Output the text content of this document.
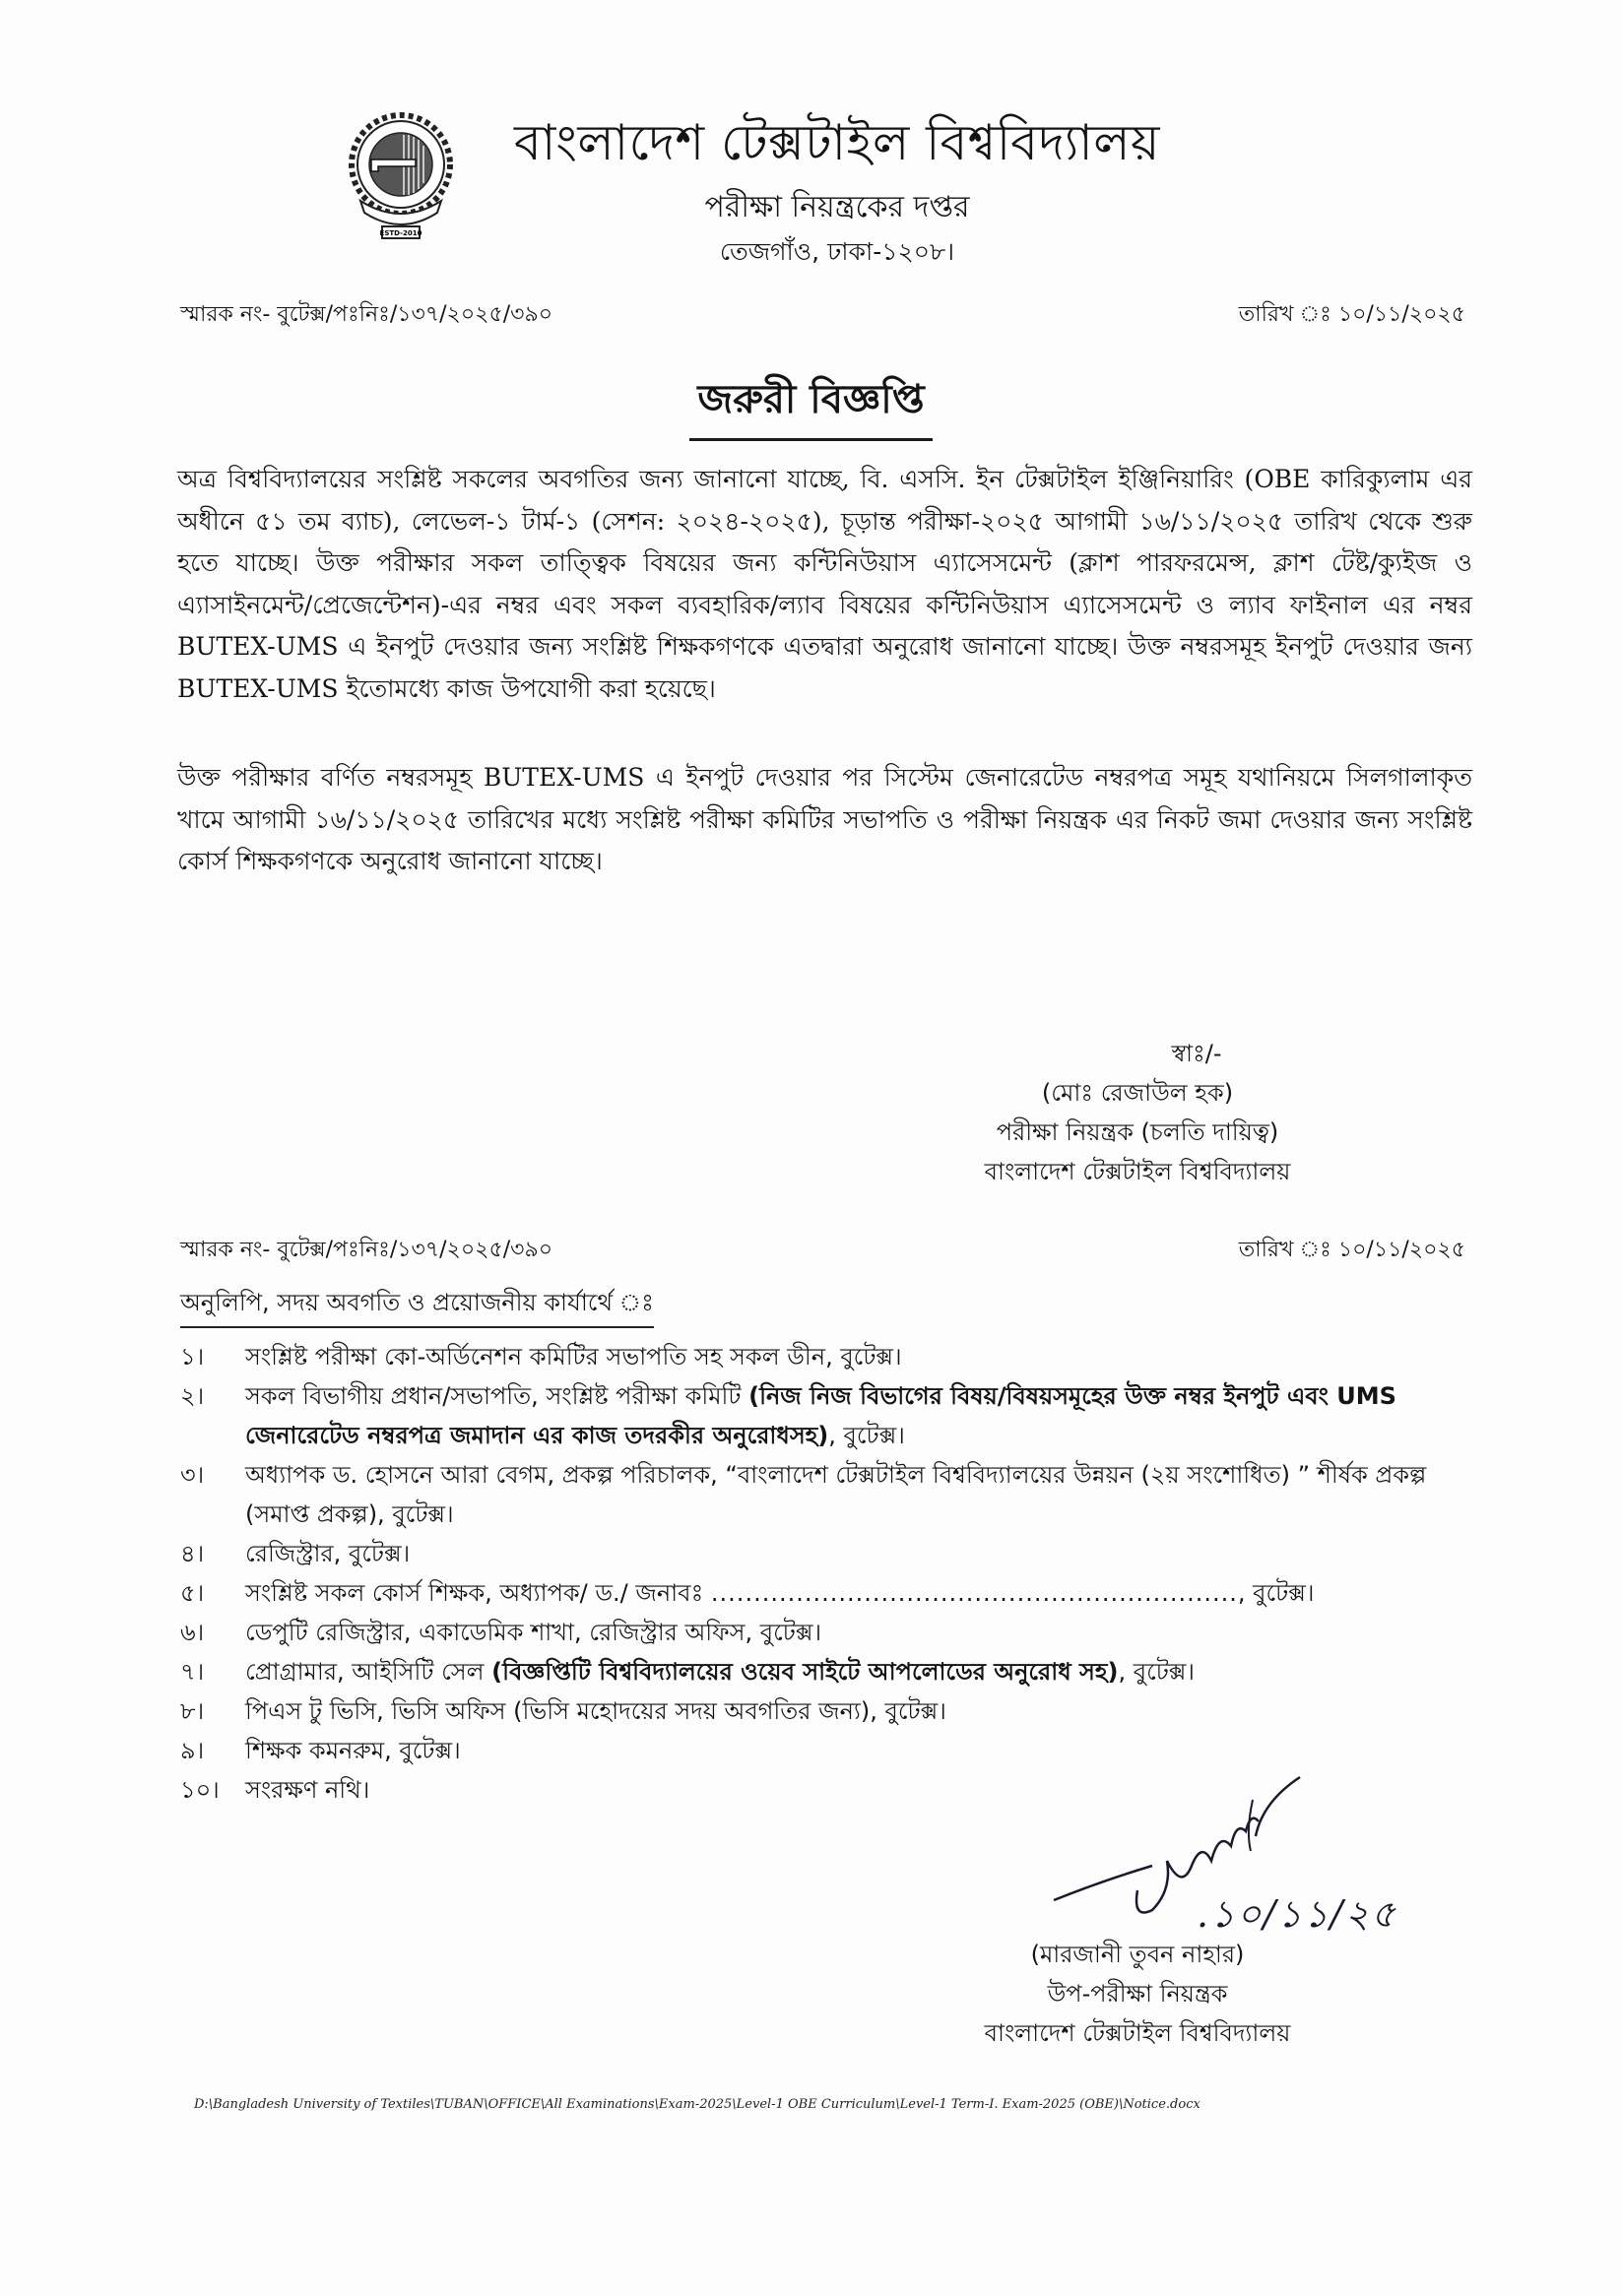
ESTD-2010
বাংলাদেশ টেক্সটাইল বিশ্ববিদ্যালয়
পরীক্ষা নিয়ন্ত্রকের দপ্তর
তেজগাঁও, ঢাকা-১২০৮।
স্মারক নং- বুটেক্স/পঃনিঃ/১৩৭/২০২৫/৩৯০	তারিখ ঃ ১০/১১/২০২৫
জরুরী বিজ্ঞপ্তি
অত্র বিশ্ববিদ্যালয়ের সংশ্লিষ্ট সকলের অবগতির জন্য জানানো যাচ্ছে, বি. এসসি. ইন টেক্সটাইল ইঞ্জিনিয়ারিং (OBE কারিক্যুলাম এর অধীনে ৫১ তম ব্যাচ), লেভেল-১ টার্ম-১ (সেশন: ২০২৪-২০২৫), চূড়ান্ত পরীক্ষা-২০২৫ আগামী ১৬/১১/২০২৫ তারিখ থেকে শুরু হতে যাচ্ছে। উক্ত পরীক্ষার সকল তাত্ত্বিক বিষয়ের জন্য কন্টিনিউয়াস এ্যাসেসমেন্ট (ক্লাশ পারফরমেন্স, ক্লাশ টেষ্ট/ক্যুইজ ও এ্যাসাইনমেন্ট/প্রেজেন্টেশন)-এর নম্বর এবং সকল ব্যবহারিক/ল্যাব বিষয়ের কন্টিনিউয়াস এ্যাসেসমেন্ট ও ল্যাব ফাইনাল এর নম্বর BUTEX-UMS এ ইনপুট দেওয়ার জন্য সংশ্লিষ্ট শিক্ষকগণকে এতদ্বারা অনুরোধ জানানো যাচ্ছে। উক্ত নম্বরসমূহ ইনপুট দেওয়ার জন্য BUTEX-UMS ইতোমধ্যে কাজ উপযোগী করা হয়েছে।
উক্ত পরীক্ষার বর্ণিত নম্বরসমূহ BUTEX-UMS এ ইনপুট দেওয়ার পর সিস্টেম জেনারেটেড নম্বরপত্র সমূহ যথানিয়মে সিলগালাকৃত খামে আগামী ১৬/১১/২০২৫ তারিখের মধ্যে সংশ্লিষ্ট পরীক্ষা কমিটির সভাপতি ও পরীক্ষা নিয়ন্ত্রক এর নিকট জমা দেওয়ার জন্য সংশ্লিষ্ট কোর্স শিক্ষকগণকে অনুরোধ জানানো যাচ্ছে।
স্বাঃ/-
(মোঃ রেজাউল হক)
পরীক্ষা নিয়ন্ত্রক (চলতি দায়িত্ব)
বাংলাদেশ টেক্সটাইল বিশ্ববিদ্যালয়
স্মারক নং- বুটেক্স/পঃনিঃ/১৩৭/২০২৫/৩৯০	তারিখ ঃ ১০/১১/২০২৫
অনুলিপি, সদয় অবগতি ও প্রয়োজনীয় কার্যার্থে ঃ
১।	সংশ্লিষ্ট পরীক্ষা কো-অর্ডিনেশন কমিটির সভাপতি সহ সকল ডীন, বুটেক্স।
২।	সকল বিভাগীয় প্রধান/সভাপতি, সংশ্লিষ্ট পরীক্ষা কমিটি (নিজ নিজ বিভাগের বিষয়/বিষয়সমূহের উক্ত নম্বর ইনপুট এবং UMS জেনারেটেড নম্বরপত্র জমাদান এর কাজ তদরকীর অনুরোধসহ), বুটেক্স।
৩।	অধ্যাপক ড. হোসনে আরা বেগম, প্রকল্প পরিচালক, “বাংলাদেশ টেক্সটাইল বিশ্ববিদ্যালয়ের উন্নয়ন (২য় সংশোধিত) ” শীর্ষক প্রকল্প (সমাপ্ত প্রকল্প), বুটেক্স।
৪।	রেজিস্ট্রার, বুটেক্স।
৫।	সংশ্লিষ্ট সকল কোর্স শিক্ষক, অধ্যাপক/ ড./ জনাবঃ .............................................................., বুটেক্স।
৬।	ডেপুটি রেজিস্ট্রার, একাডেমিক শাখা, রেজিস্ট্রার অফিস, বুটেক্স।
৭।	প্রোগ্রামার, আইসিটি সেল (বিজ্ঞপ্তিটি বিশ্ববিদ্যালয়ের ওয়েব সাইটে আপলোডের অনুরোধ সহ), বুটেক্স।
৮।	পিএস টু ভিসি, ভিসি অফিস (ভিসি মহোদয়ের সদয় অবগতির জন্য), বুটেক্স।
৯।	শিক্ষক কমনরুম, বুটেক্স।
১০।	সংরক্ষণ নথি।
.১০/১১/২৫
(মারজানী তুবন নাহার)
উপ-পরীক্ষা নিয়ন্ত্রক
বাংলাদেশ টেক্সটাইল বিশ্ববিদ্যালয়
D:\Bangladesh University of Textiles\TUBAN\OFFICE\All Examinations\Exam-2025\Level-1 OBE Curriculum\Level-1 Term-I. Exam-2025 (OBE)\Notice.docx
